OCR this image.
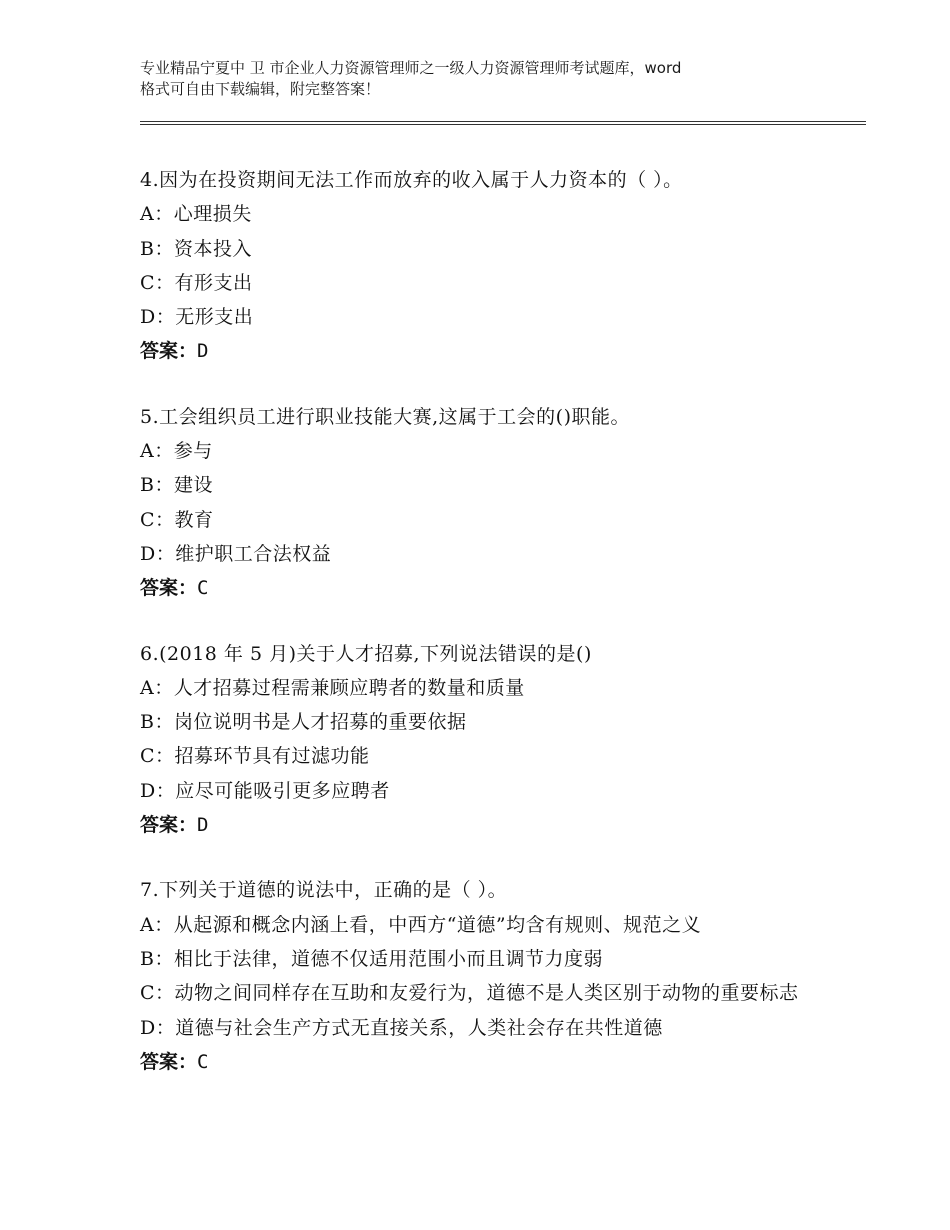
专业精品宁夏中 卫 市企业人力资源管理师之一级人力资源管理师考试题库，word
格式可自由下载编辑，附完整答案！
4.因为在投资期间无法工作而放弃的收入属于人力资本的（ ）。
A：心理损失
B：资本投入
C：有形支出
D：无形支出
答案：D
5.工会组织员工进行职业技能大赛,这属于工会的()职能。
A：参与
B：建设
C：教育
D：维护职工合法权益
答案：C
6.(2018 年 5 月)关于人才招募,下列说法错误的是()
A：人才招募过程需兼顾应聘者的数量和质量
B：岗位说明书是人才招募的重要依据
C：招募环节具有过滤功能
D：应尽可能吸引更多应聘者
答案：D
7.下列关于道德的说法中，正确的是（ ）。
A：从起源和概念内涵上看，中西方“道德”均含有规则、规范之义
B：相比于法律，道德不仅适用范围小而且调节力度弱
C：动物之间同样存在互助和友爱行为，道德不是人类区别于动物的重要标志
D：道德与社会生产方式无直接关系，人类社会存在共性道德
答案：C
